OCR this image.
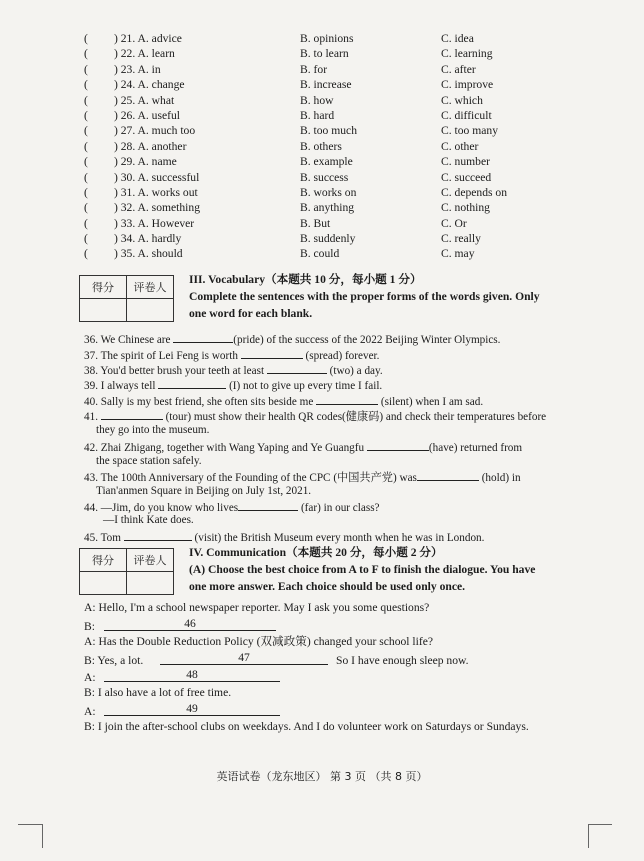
( ) 21. A. advice	B. opinions	C. idea
( ) 22. A. learn	B. to learn	C. learning
( ) 23. A. in	B. for	C. after
( ) 24. A. change	B. increase	C. improve
( ) 25. A. what	B. how	C. which
( ) 26. A. useful	B. hard	C. difficult
( ) 27. A. much too	B. too much	C. too many
( ) 28. A. another	B. others	C. other
( ) 29. A. name	B. example	C. number
( ) 30. A. successful	B. success	C. succeed
( ) 31. A. works out	B. works on	C. depends on
( ) 32. A. something	B. anything	C. nothing
( ) 33. A. However	B. But	C. Or
( ) 34. A. hardly	B. suddenly	C. really
( ) 35. A. should	B. could	C. may
得分	评卷人

III. Vocabulary（本题共 10 分，每小题 1 分）
Complete the sentences with the proper forms of the words given. Only
one word for each blank.
36. We Chinese are	(pride) of the success of the 2022 Beijing Winter Olympics.
37. The spirit of Lei Feng is worth	(spread) forever.
38. You'd better brush your teeth at least	(two) a day.
39. I always tell	(I) not to give up every time I fail.
40. Sally is my best friend, she often sits beside me	(silent) when I am sad.
41.	(tour) must show their health QR codes(健康码) and check their temperatures before
they go into the museum.
42. Zhai Zhigang, together with Wang Yaping and Ye Guangfu	(have) returned from
the space station safely.
43. The 100th Anniversary of the Founding of the CPC (中国共产党) was	(hold) in
Tian'anmen Square in Beijing on July 1st, 2021.
44. —Jim, do you know who lives	(far) in our class?
—I think Kate does.
45. Tom	(visit) the British Museum every month when he was in London.
得分	评卷人

IV. Communication（本题共 20 分，每小题 2 分）
(A) Choose the best choice from A to F to finish the dialogue. You have
one more answer. Each choice should be used only once.
A: Hello, I'm a school newspaper reporter. May I ask you some questions?
B:	46
A: Has the Double Reduction Policy (双减政策) changed your school life?
B: Yes, a lot.	47	So I have enough sleep now.
A:	48
B: I also have a lot of free time.
A:	49
B: I join the after-school clubs on weekdays. And I do volunteer work on Saturdays or Sundays.
英语试卷（龙东地区） 第 3 页 （共 8 页）
